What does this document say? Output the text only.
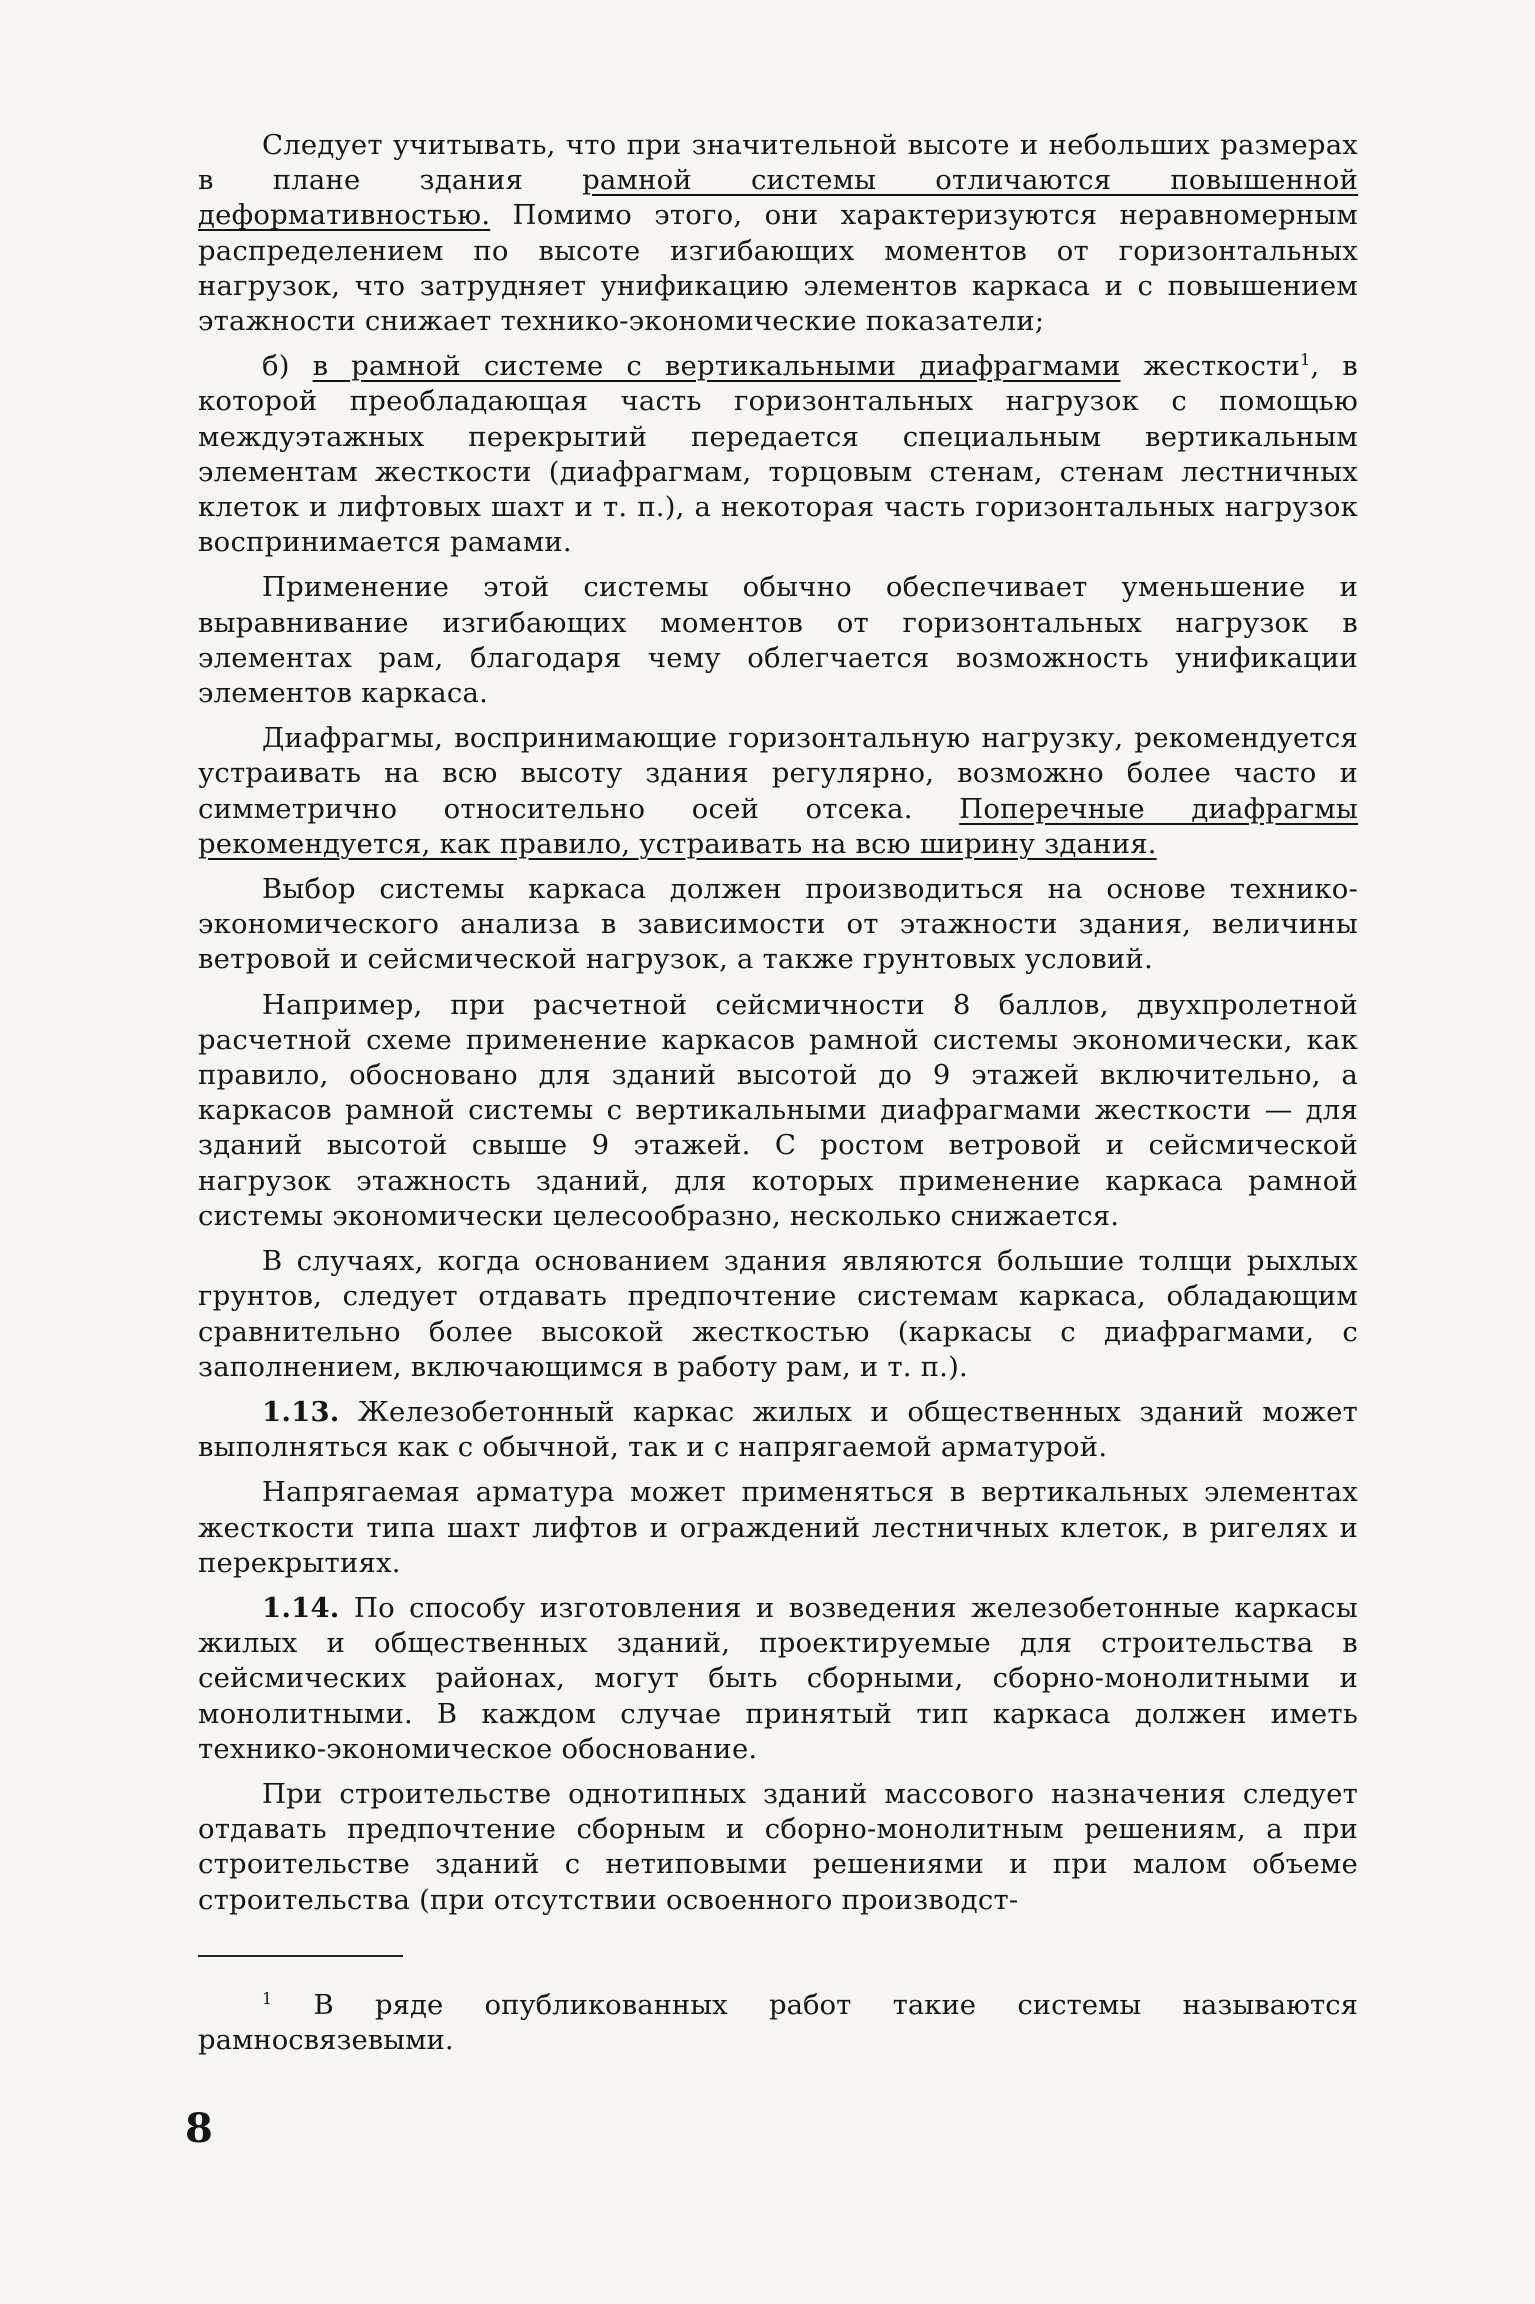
Следует учитывать, что при значительной высоте и небольших размерах в плане здания рамной системы отличаются повышенной деформативностью. Помимо этого, они характеризуются неравномерным распределением по высоте изгибающих моментов от горизонтальных нагрузок, что затрудняет унификацию элементов каркаса и с повышением этажности снижает технико-экономические показатели;

б) в рамной системе с вертикальными диафрагмами жесткости$^1$, в которой преобладающая часть горизонтальных нагрузок с помощью междуэтажных перекрытий передается специальным вертикальным элементам жесткости (диафрагмам, торцовым стенам, стенам лестничных клеток и лифтовых шахт и т. п.), а некоторая часть горизонтальных нагрузок воспринимается рамами.

Применение этой системы обычно обеспечивает уменьшение и выравнивание изгибающих моментов от горизонтальных нагрузок в элементах рам, благодаря чему облегчается возможность унификации элементов каркаса.

Диафрагмы, воспринимающие горизонтальную нагрузку, рекомендуется устраивать на всю высоту здания регулярно, возможно более часто и симметрично относительно осей отсека. Поперечные диафрагмы рекомендуется, как правило, устраивать на всю ширину здания.

Выбор системы каркаса должен производиться на основе технико-экономического анализа в зависимости от этажности здания, величины ветровой и сейсмической нагрузок, а также грунтовых условий.

Например, при расчетной сейсмичности 8 баллов, двухпролетной расчетной схеме применение каркасов рамной системы экономически, как правило, обосновано для зданий высотой до 9 этажей включительно, а каркасов рамной системы с вертикальными диафрагмами жесткости — для зданий высотой свыше 9 этажей. С ростом ветровой и сейсмической нагрузок этажность зданий, для которых применение каркаса рамной системы экономически целесообразно, несколько снижается.

В случаях, когда основанием здания являются большие толщи рыхлых грунтов, следует отдавать предпочтение системам каркаса, обладающим сравнительно более высокой жесткостью (каркасы с диафрагмами, с заполнением, включающимся в работу рам, и т. п.).

1.13. Железобетонный каркас жилых и общественных зданий может выполняться как с обычной, так и с напрягаемой арматурой.

Напрягаемая арматура может применяться в вертикальных элементах жесткости типа шахт лифтов и ограждений лестничных клеток, в ригелях и перекрытиях.

1.14. По способу изготовления и возведения железобетонные каркасы жилых и общественных зданий, проектируемые для строительства в сейсмических районах, могут быть сборными, сборно-монолитными и монолитными. В каждом случае принятый тип каркаса должен иметь технико-экономическое обоснование.

При строительстве однотипных зданий массового назначения следует отдавать предпочтение сборным и сборно-монолитным решениям, а при строительстве зданий с нетиповыми решениями и при малом объеме строительства (при отсутствии освоенного производст-

$^1$ В ряде опубликованных работ такие системы называются рамносвязевыми.

8
